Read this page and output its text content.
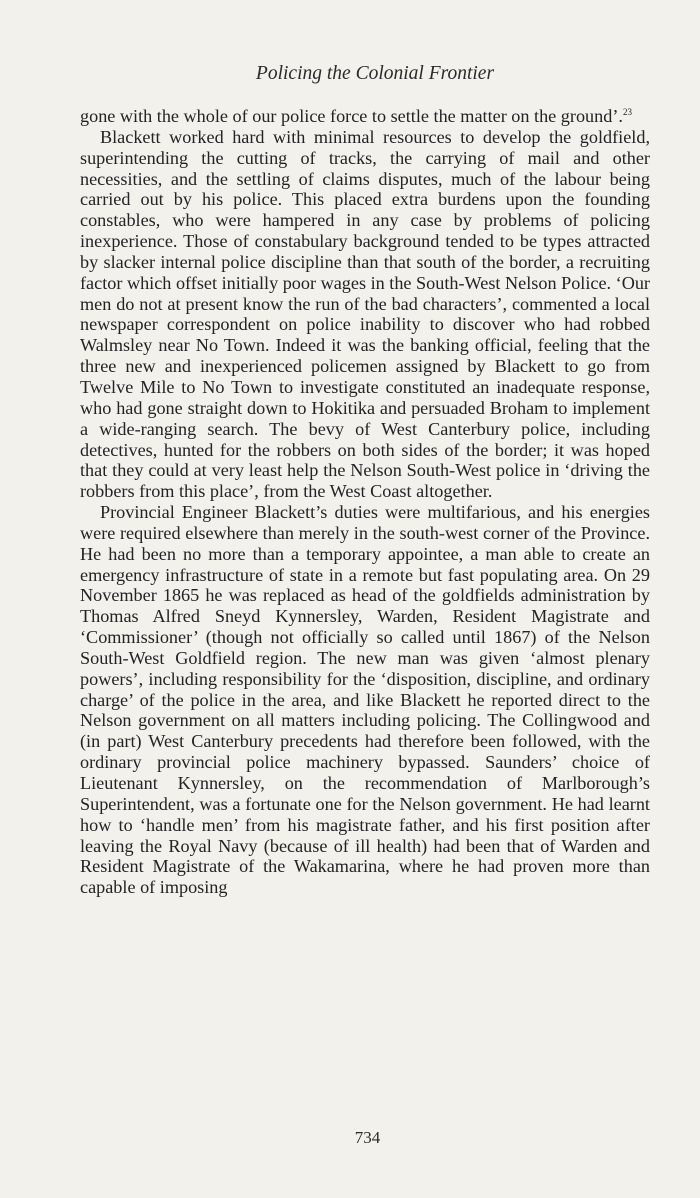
Policing the Colonial Frontier

gone with the whole of our police force to settle the matter on the ground’.$^{23}$

Blackett worked hard with minimal resources to develop the goldfield, superintending the cutting of tracks, the carrying of mail and other necessities, and the settling of claims disputes, much of the labour being carried out by his police. This placed extra burdens upon the founding constables, who were hampered in any case by problems of policing inexperience. Those of constabulary background tended to be types attracted by slacker internal police discipline than that south of the border, a recruiting factor which offset initially poor wages in the South-West Nelson Police. ‘Our men do not at present know the run of the bad characters’, commented a local newspaper correspondent on police inability to discover who had robbed Walmsley near No Town. Indeed it was the banking official, feeling that the three new and inexperienced policemen assigned by Blackett to go from Twelve Mile to No Town to investigate constituted an inadequate response, who had gone straight down to Hokitika and persuaded Broham to implement a wide-ranging search. The bevy of West Canterbury police, including detectives, hunted for the robbers on both sides of the border; it was hoped that they could at very least help the Nelson South-West police in ‘driving the robbers from this place’, from the West Coast altogether.

Provincial Engineer Blackett’s duties were multifarious, and his energies were required elsewhere than merely in the south-west corner of the Province. He had been no more than a temporary appointee, a man able to create an emergency infrastructure of state in a remote but fast populating area. On 29 November 1865 he was replaced as head of the goldfields administration by Thomas Alfred Sneyd Kynnersley, Warden, Resident Magistrate and ‘Commissioner’ (though not officially so called until 1867) of the Nelson South-West Goldfield region. The new man was given ‘almost plenary powers’, including responsibility for the ‘disposition, discipline, and ordinary charge’ of the police in the area, and like Blackett he reported direct to the Nelson government on all matters including policing. The Collingwood and (in part) West Canterbury precedents had therefore been followed, with the ordinary provincial police machinery bypassed. Saunders’ choice of Lieutenant Kynnersley, on the recommendation of Marlborough’s Superintendent, was a fortunate one for the Nelson government. He had learnt how to ‘handle men’ from his magistrate father, and his first position after leaving the Royal Navy (because of ill health) had been that of Warden and Resident Magistrate of the Wakamarina, where he had proven more than capable of imposing

734
